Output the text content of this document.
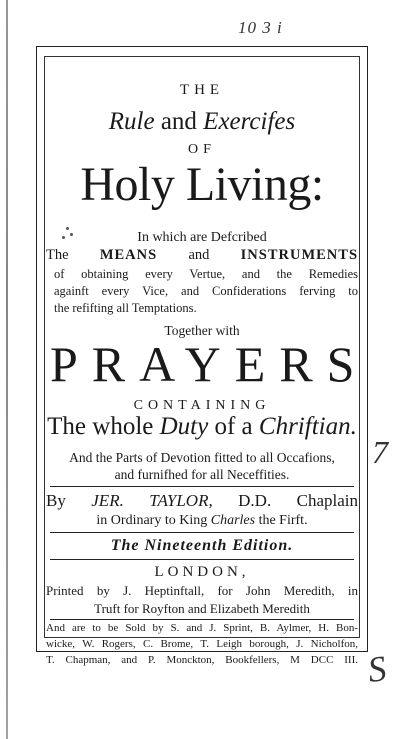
10 3 i
THE
Rule and Exercifes
OF
Holy Living:
In which are Defcribed
The MEANS and INSTRUMENTS
of obtaining every Vertue, and the Remedies
againft every Vice, and Confiderations ferving to
the refifting all Temptations.
Together with
PRAYERS
CONTAINING
The whole Duty of a Chriftian.
And the Parts of Devotion fitted to all Occafions,
and furnifhed for all Neceffities.
By JER. TAYLOR, D.D. Chaplain
in Ordinary to King Charles the Firft.
The Nineteenth Edition.
LONDON,
Printed by J. Heptinftall, for John Meredith, in
Truft for Royfton and Elizabeth Meredith
And are to be Sold by S. and J. Sprint, B. Aylmer, H. Bon-
wicke, W. Rogers, C. Brome, T. Leigh borough, J. Nicholfon,
T. Chapman, and P. Monckton, Bookfellers, M DCC III.
7
S
